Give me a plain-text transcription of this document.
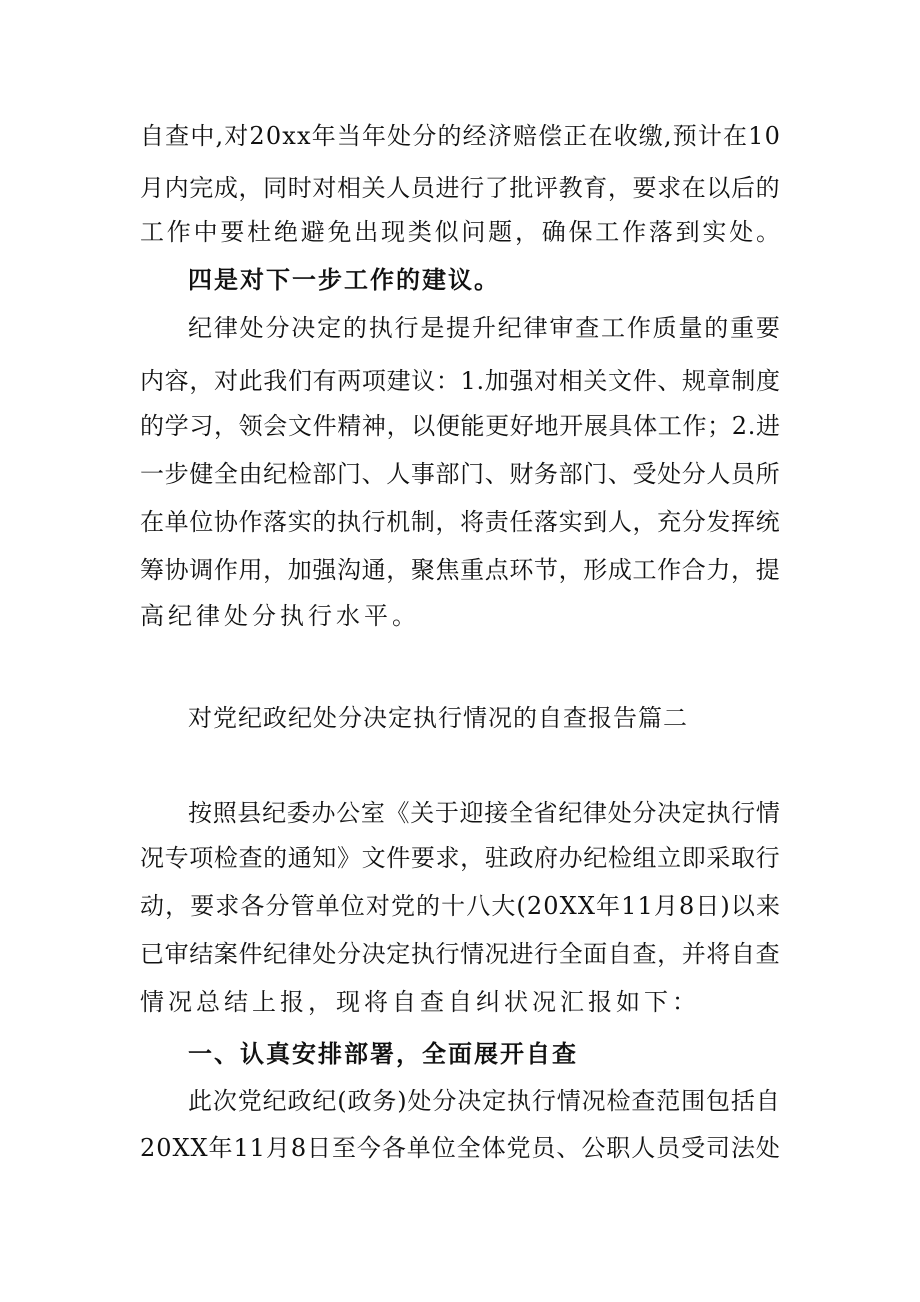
自 查 中 , 对 2 0 x x 年 当 年 处 分 的 经 济 赔 偿 正 在 收 缴 , 预 计 在 1 0
月 内 完 成 ， 同 时 对 相 关 人 员 进 行 了 批 评 教 育 ， 要 求 在 以 后 的
工 作 中 要 杜 绝 避 免 出 现 类 似 问 题 ， 确 保 工 作 落 到 实 处 。
四是对下一步工作的建议。
纪 律 处 分 决 定 的 执 行 是 提 升 纪 律 审 查 工 作 质 量 的 重 要
内 容 ， 对 此 我 们 有 两 项 建 议 ： 1 . 加 强 对 相 关 文 件 、 规 章 制 度
的 学 习 ， 领 会 文 件 精 神 ， 以 便 能 更 好 地 开 展 具 体 工 作 ； 2 . 进
一 步 健 全 由 纪 检 部 门 、 人 事 部 门 、 财 务 部 门 、 受 处 分 人 员 所
在 单 位 协 作 落 实 的 执 行 机 制 ， 将 责 任 落 实 到 人 ， 充 分 发 挥 统
筹 协 调 作 用 ， 加 强 沟 通 ， 聚 焦 重 点 环 节 ， 形 成 工 作 合 力 ， 提
高纪律处分执行水平。
对党纪政纪处分决定执行情况的自查报告篇二
按 照 县 纪 委 办 公 室 《 关 于 迎 接 全 省 纪 律 处 分 决 定 执 行 情
况 专 项 检 查 的 通 知 》 文 件 要 求 ， 驻 政 府 办 纪 检 组 立 即 采 取 行
动 ， 要 求 各 分 管 单 位 对 党 的 十 八 大 ( 2 0 X X 年 1 1 月 8 日 ) 以 来
已 审 结 案 件 纪 律 处 分 决 定 执 行 情 况 进 行 全 面 自 查 ， 并 将 自 查
情况总结上报，现将自查自纠状况汇报如下：
一、认真安排部署，全面展开自查
此 次 党 纪 政 纪 ( 政 务 ) 处 分 决 定 执 行 情 况 检 查 范 围 包 括 自
2 0 X X 年 1 1 月 8 日 至 今 各 单 位 全 体 党 员 、 公 职 人 员 受 司 法 处
